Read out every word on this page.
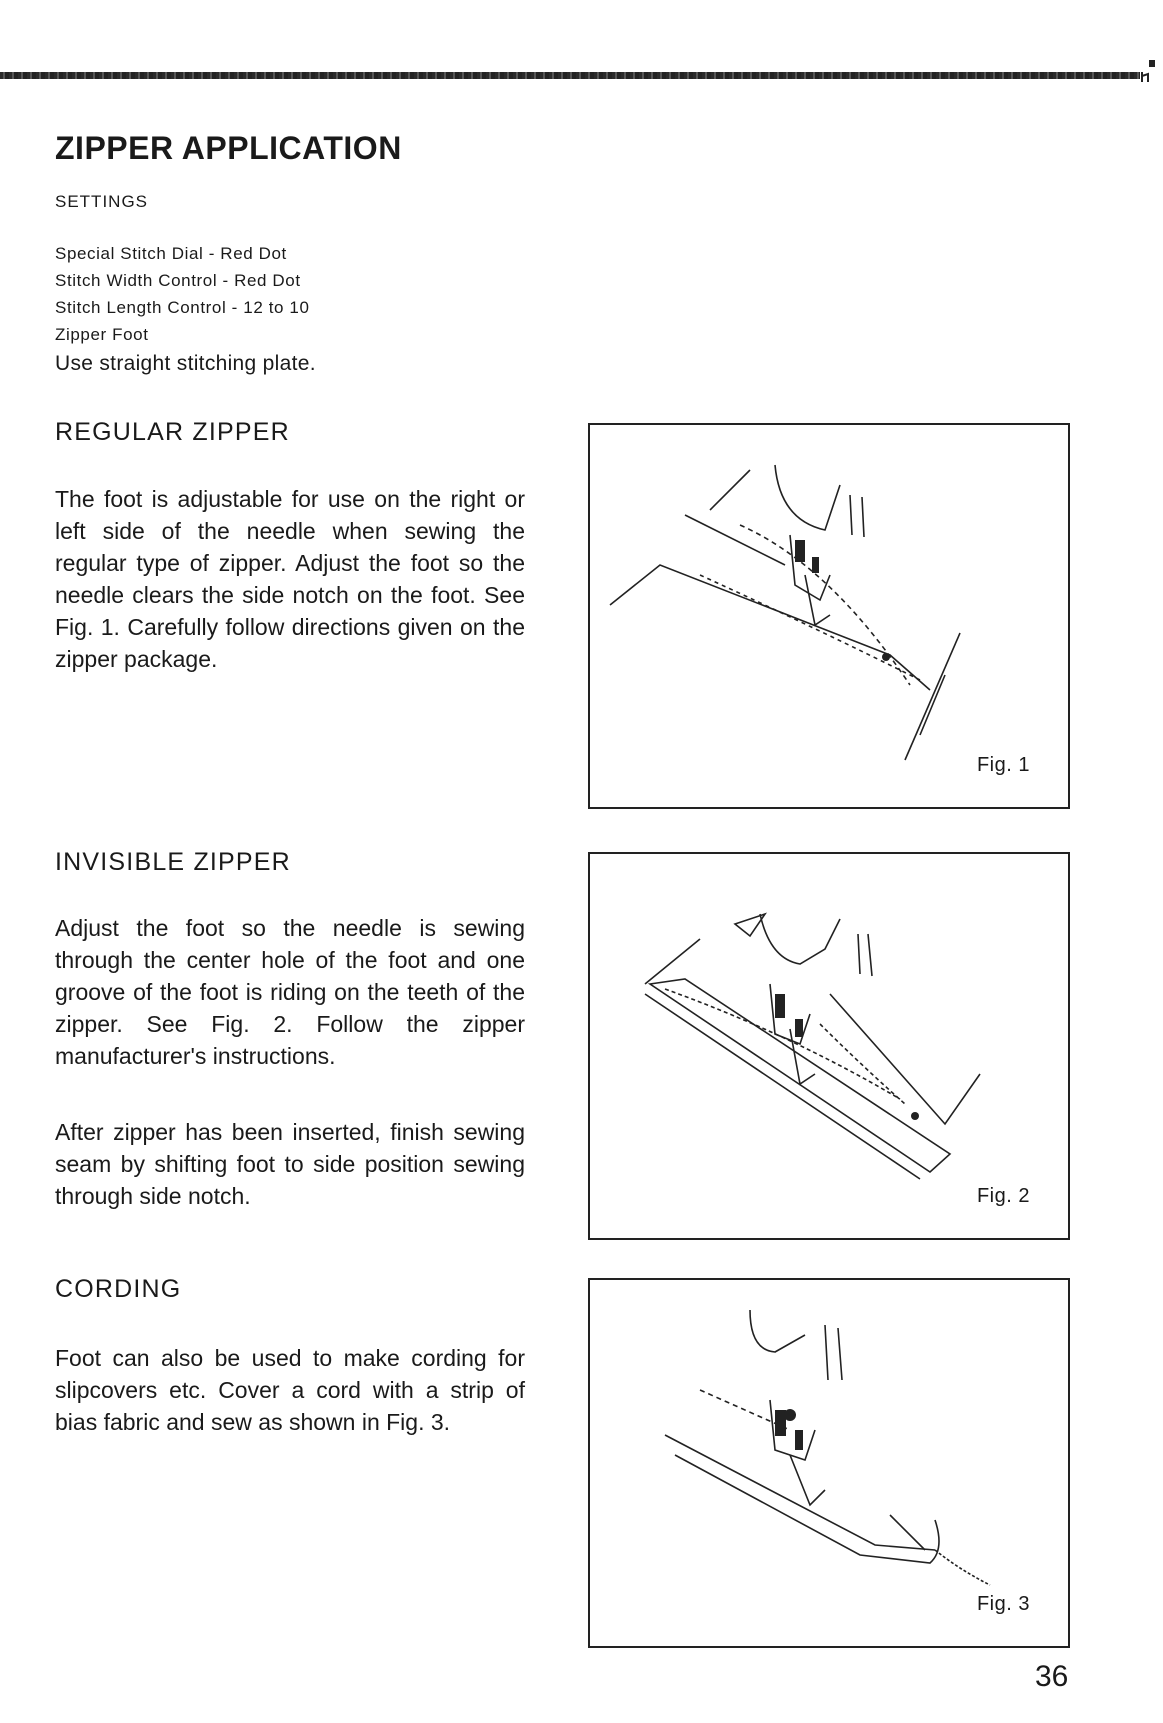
ZIPPER APPLICATION
SETTINGS
Special Stitch Dial - Red Dot
Stitch Width Control - Red Dot
Stitch Length Control - 12 to 10
Zipper Foot
Use straight stitching plate.
REGULAR ZIPPER

The foot is adjustable for use on the right or left side of the needle when sewing the regular type of zipper. Adjust the foot so the needle clears the side notch on the foot. See Fig. 1. Carefully follow directions given on the zipper package.

Fig. 1
INVISIBLE ZIPPER

Adjust the foot so the needle is sewing through the center hole of the foot and one groove of the foot is riding on the teeth of the zipper. See Fig. 2. Follow the zipper manufacturer's instructions.

After zipper has been inserted, finish sewing seam by shifting foot to side position sewing through side notch.	Fig. 2
CORDING

Foot can also be used to make cording for slipcovers etc. Cover a cord with a strip of bias fabric and sew as shown in Fig. 3.

Fig. 3
36
